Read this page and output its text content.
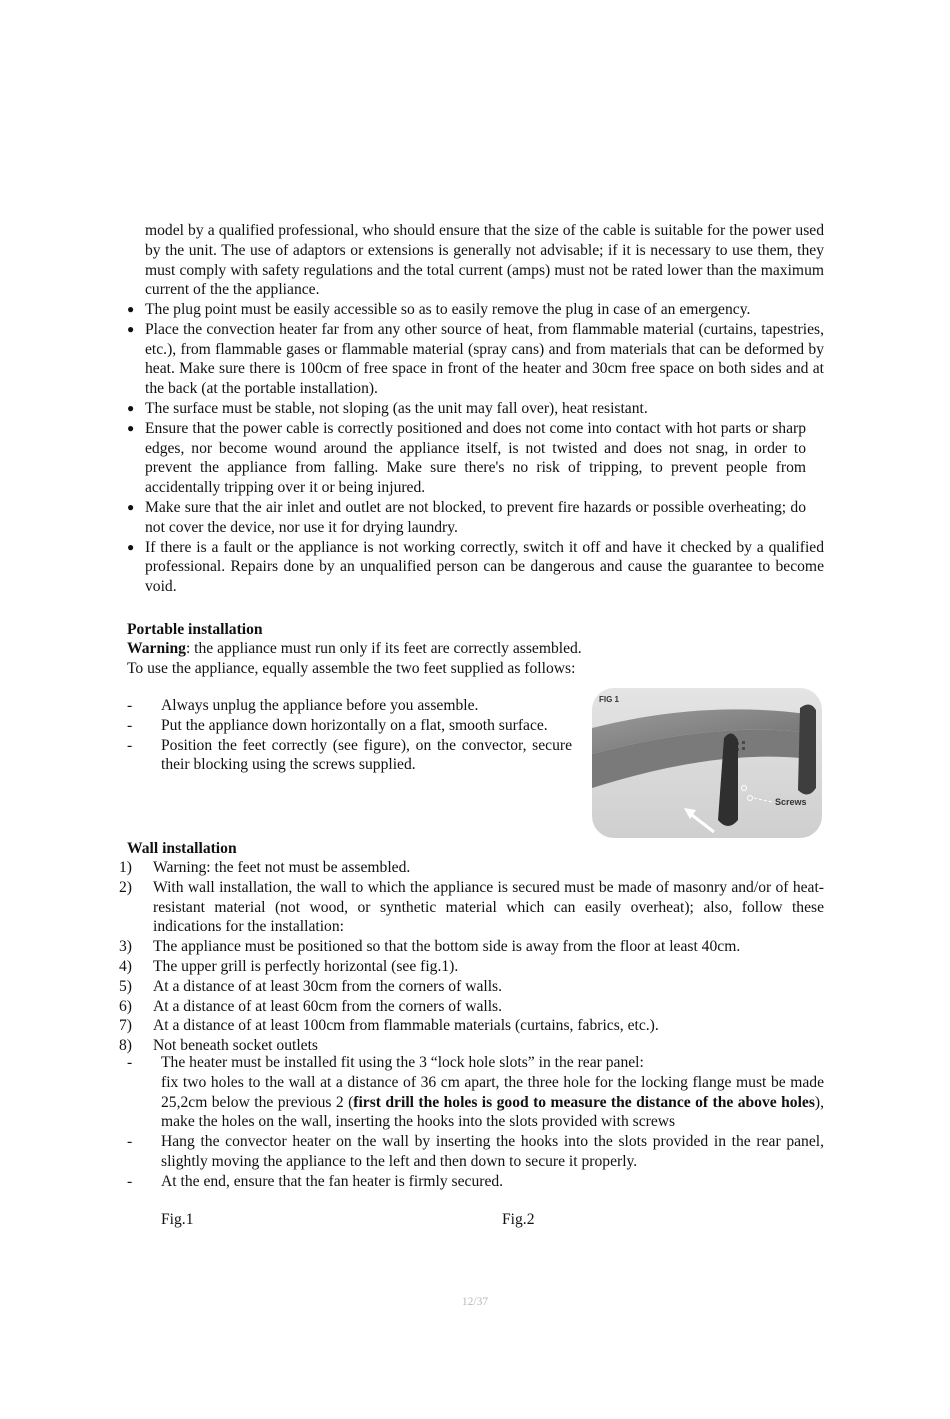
model by a qualified professional, who should ensure that the size of the cable is suitable for the power used by the unit. The use of adaptors or extensions is generally not advisable; if it is necessary to use them, they must comply with safety regulations and the total current (amps) must not be rated lower than the maximum current of the the appliance.
● The plug point must be easily accessible so as to easily remove the plug in case of an emergency.
● Place the convection heater far from any other source of heat, from flammable material (curtains, tapestries, etc.), from flammable gases or flammable material (spray cans) and from materials that can be deformed by heat. Make sure there is 100cm of free space in front of the heater and 30cm free space on both sides and at the back (at the portable installation).
● The surface must be stable, not sloping (as the unit may fall over), heat resistant.
● Ensure that the power cable is correctly positioned and does not come into contact with hot parts or sharp edges, nor become wound around the appliance itself, is not twisted and does not snag, in order to prevent the appliance from falling. Make sure there's no risk of tripping, to prevent people from accidentally tripping over it or being injured.
● Make sure that the air inlet and outlet are not blocked, to prevent fire hazards or possible overheating; do not cover the device, nor use it for drying laundry.
● If there is a fault or the appliance is not working correctly, switch it off and have it checked by a qualified professional. Repairs done by an unqualified person can be dangerous and cause the guarantee to become void.
Portable installation
Warning: the appliance must run only if its feet are correctly assembled.
To use the appliance, equally assemble the two feet supplied as follows:
- Always unplug the appliance before you assemble.
- Put the appliance down horizontally on a flat, smooth surface.
- Position the feet correctly (see figure), on the convector, secure their blocking using the screws supplied.
FIG 1
Screws
Wall installation
1) Warning: the feet not must be assembled.
2) With wall installation, the wall to which the appliance is secured must be made of masonry and/or of heat-resistant material (not wood, or synthetic material which can easily overheat); also, follow these indications for the installation:
3) The appliance must be positioned so that the bottom side is away from the floor at least 40cm.
4) The upper grill is perfectly horizontal (see fig.1).
5) At a distance of at least 30cm from the corners of walls.
6) At a distance of at least 60cm from the corners of walls.
7) At a distance of at least 100cm from flammable materials (curtains, fabrics, etc.).
8) Not beneath socket outlets
- The heater must be installed fit using the 3 “lock hole slots” in the rear panel:
fix two holes to the wall at a distance of 36 cm apart, the three hole for the locking flange must be made 25,2cm below the previous 2 (first drill the holes is good to measure the distance of the above holes), make the holes on the wall, inserting the hooks into the slots provided with screws
- Hang the convector heater on the wall by inserting the hooks into the slots provided in the rear panel, slightly moving the appliance to the left and then down to secure it properly.
- At the end, ensure that the fan heater is firmly secured.
Fig.1	Fig.2
12/37
